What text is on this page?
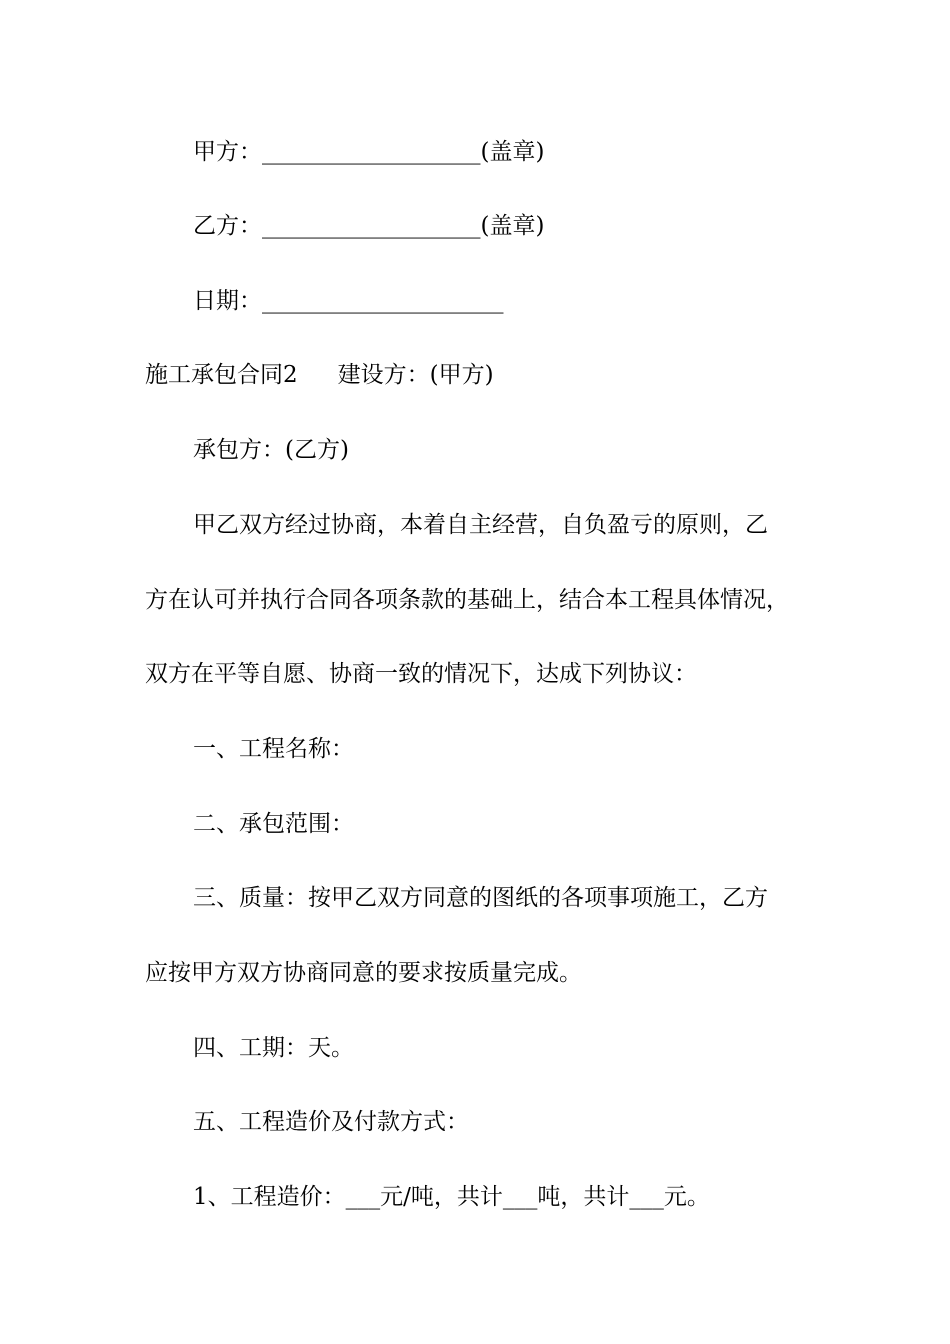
甲方：___________________(盖章)
乙方：___________________(盖章)
日期：_____________________
施工承包合同2 建设方：(甲方)
承包方：(乙方)
甲乙双方经过协商，本着自主经营，自负盈亏的原则，乙
方在认可并执行合同各项条款的基础上，结合本工程具体情况，
双方在平等自愿、协商一致的情况下，达成下列协议：
一、工程名称：
二、承包范围：
三、质量：按甲乙双方同意的图纸的各项事项施工，乙方
应按甲方双方协商同意的要求按质量完成。
四、工期：天。
五、工程造价及付款方式：
1、工程造价：___元/吨，共计___吨，共计___元。
